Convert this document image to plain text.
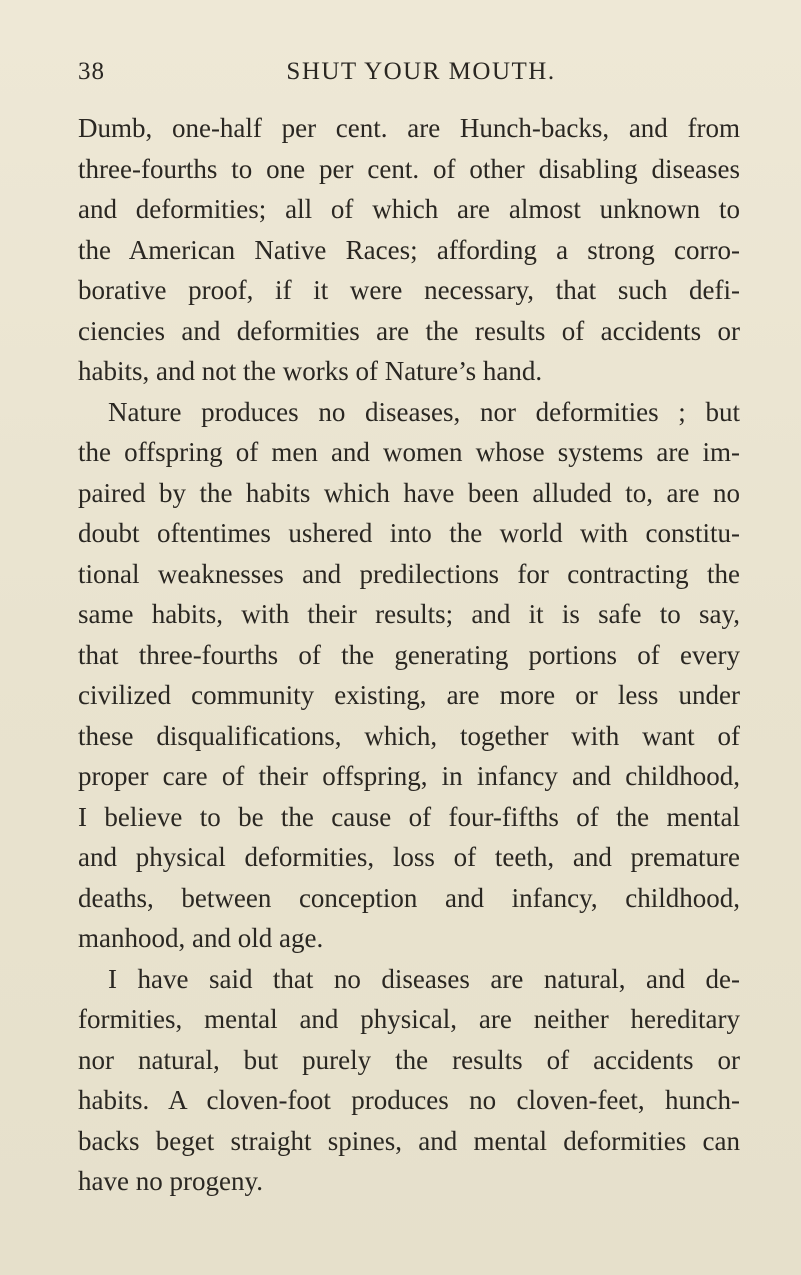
38	SHUT YOUR MOUTH.
Dumb, one-half per cent. are Hunch-backs, and from
three-fourths to one per cent. of other disabling diseases
and deformities; all of which are almost unknown to
the American Native Races; affording a strong corro-
borative proof, if it were necessary, that such defi-
ciencies and deformities are the results of accidents or
habits, and not the works of Nature’s hand.
Nature produces no diseases, nor deformities ; but
the offspring of men and women whose systems are im-
paired by the habits which have been alluded to, are no
doubt oftentimes ushered into the world with constitu-
tional weaknesses and predilections for contracting the
same habits, with their results; and it is safe to say,
that three-fourths of the generating portions of every
civilized community existing, are more or less under
these disqualifications, which, together with want of
proper care of their offspring, in infancy and childhood,
I believe to be the cause of four-fifths of the mental
and physical deformities, loss of teeth, and premature
deaths, between conception and infancy, childhood,
manhood, and old age.
I have said that no diseases are natural, and de-
formities, mental and physical, are neither hereditary
nor natural, but purely the results of accidents or
habits. A cloven-foot produces no cloven-feet, hunch-
backs beget straight spines, and mental deformities can
have no progeny.
